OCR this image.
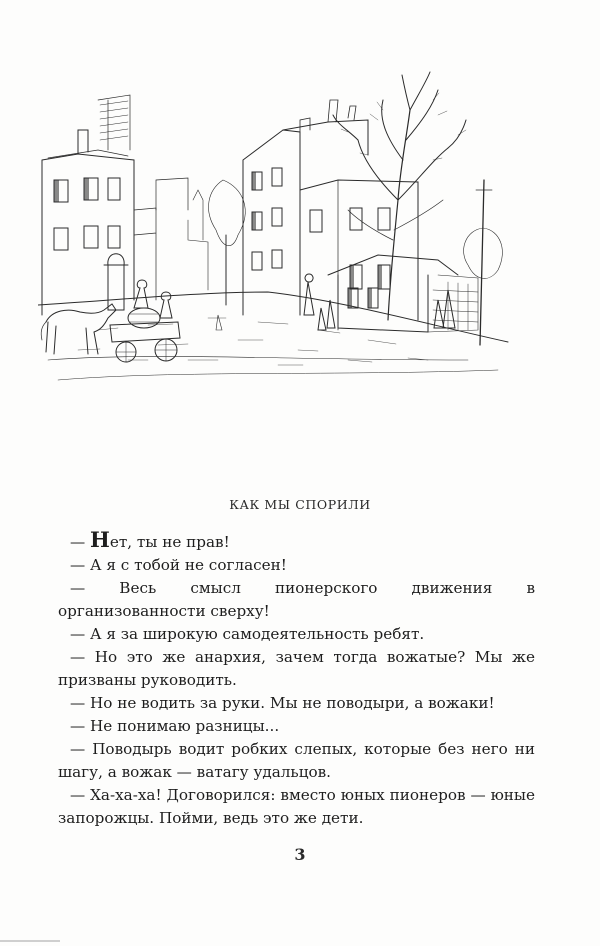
КАК МЫ СПОРИЛИ

— Нет, ты не прав!

— А я с тобой не согласен!

— Весь смысл пионерского движения в организованности сверху!

— А я за широкую самодеятельность ребят.

— Но это же анархия, зачем тогда вожатые? Мы же призваны руководить.

— Но не водить за руки. Мы не поводыри, а вожаки!

— Не понимаю разницы...

— Поводырь водит робких слепых, которые без него ни шагу, а вожак — ватагу удальцов.

— Ха-ха-ха! Договорился: вместо юных пионеров — юные запорожцы. Пойми, ведь это же дети.

3
